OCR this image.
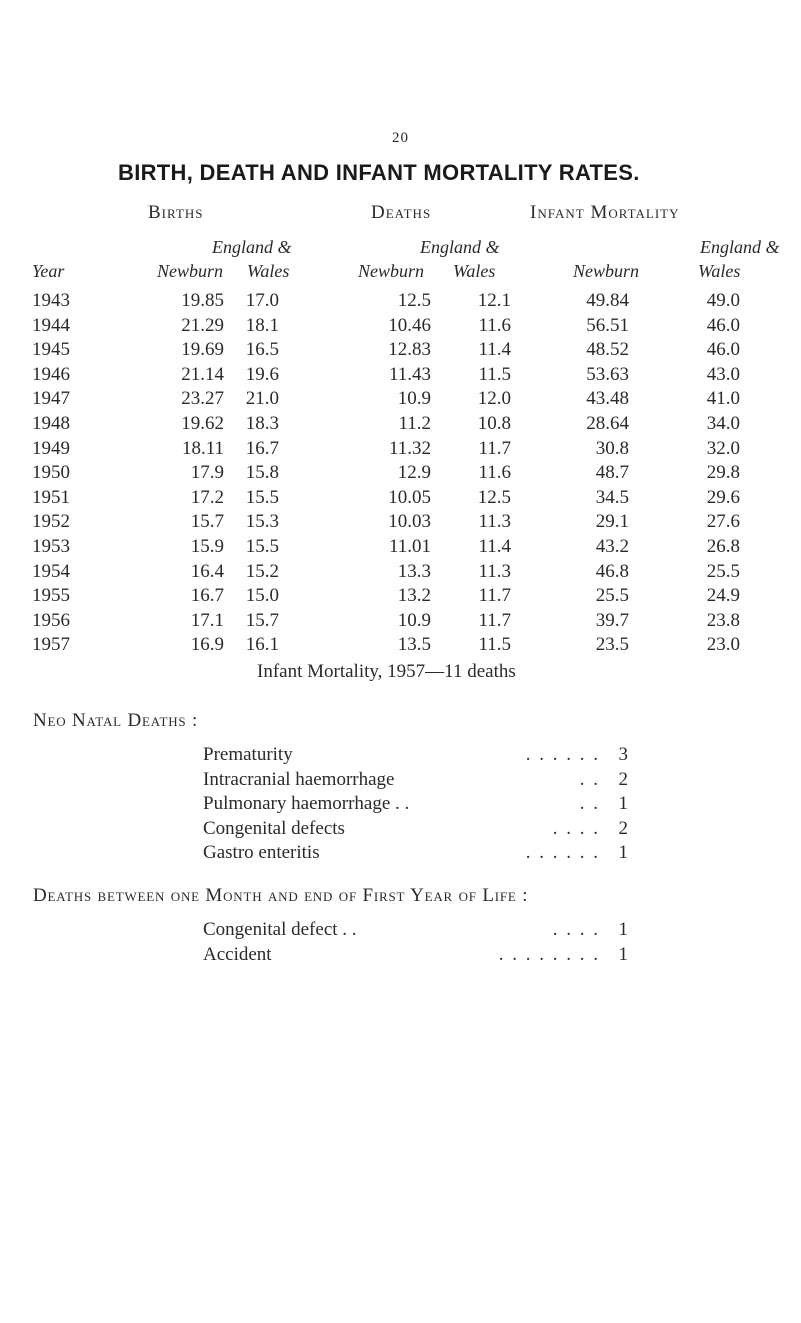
20
BIRTH, DEATH AND INFANT MORTALITY RATES.
Births	Deaths	Infant Mortality
England &	England &	England &
Year	Newburn Wales	Newburn Wales	Newburn	Wales
1943	19.85 17.0	12.5 12.1	49.84	49.0
1944	21.29 18.1	10.46 11.6	56.51	46.0
1945	19.69 16.5	12.83 11.4	48.52	46.0
1946	21.14 19.6	11.43 11.5	53.63	43.0
1947	23.27 21.0	10.9 12.0	43.48	41.0
1948	19.62 18.3	11.2 10.8	28.64	34.0
1949	18.11 16.7	11.32 11.7	30.8	32.0
1950	17.9 15.8	12.9 11.6	48.7	29.8
1951	17.2 15.5	10.05 12.5	34.5	29.6
1952	15.7 15.3	10.03 11.3	29.1	27.6
1953	15.9 15.5	11.01 11.4	43.2	26.8
1954	16.4 15.2	13.3 11.3	46.8	25.5
1955	16.7 15.0	13.2 11.7	25.5	24.9
1956	17.1 15.7	10.9 11.7	39.7	23.8
1957	16.9 16.1	13.5 11.5	23.5	23.0
Infant Mortality, 1957—11 deaths
Neo Natal Deaths :
Prematurity	. . . . . . 3
Intracranial haemorrhage	. . 2
Pulmonary haemorrhage . .	. . 1
Congenital defects	. . . . 2
Gastro enteritis	. . . . . . 1
Deaths between one Month and end of First Year of Life :
Congenital defect . .	. . . . 1
Accident	. . . . . . . . 1
